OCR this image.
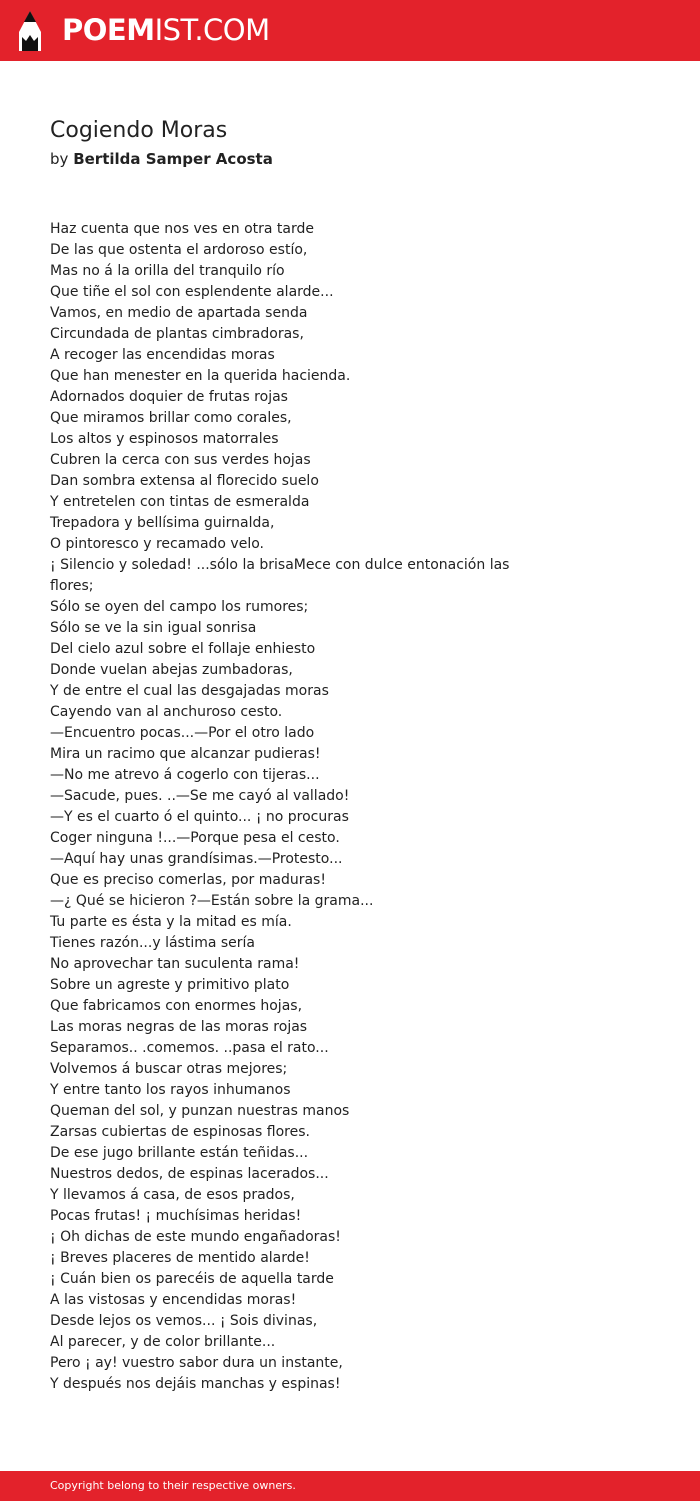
POEMIST.COM
Cogiendo Moras
by Bertilda Samper Acosta
Haz cuenta que nos ves en otra tarde
De las que ostenta el ardoroso estío,
Mas no á la orilla del tranquilo río
Que tiñe el sol con esplendente alarde...
Vamos, en medio de apartada senda
Circundada de plantas cimbradoras,
A recoger las encendidas moras
Que han menester en la querida hacienda.
Adornados doquier de frutas rojas
Que miramos brillar como corales,
Los altos y espinosos matorrales
Cubren la cerca con sus verdes hojas
Dan sombra extensa al florecido suelo
Y entretelen con tintas de esmeralda
Trepadora y bellísima guirnalda,
O pintoresco y recamado velo.
¡ Silencio y soledad! ...sólo la brisaMece con dulce entonación las flores;
Sólo se oyen del campo los rumores;
Sólo se ve la sin igual sonrisa
Del cielo azul sobre el follaje enhiesto
Donde vuelan abejas zumbadoras,
Y de entre el cual las desgajadas moras
Cayendo van al anchuroso cesto.
—Encuentro pocas...—Por el otro lado
Mira un racimo que alcanzar pudieras!
—No me atrevo á cogerlo con tijeras...
—Sacude, pues. ..—Se me cayó al vallado!
—Y es el cuarto ó el quinto... ¡ no procuras
Coger ninguna !...—Porque pesa el cesto.
—Aquí hay unas grandísimas.—Protesto...
Que es preciso comerlas, por maduras!
—¿ Qué se hicieron ?—Están sobre la grama...
Tu parte es ésta y la mitad es mía.
Tienes razón...y lástima sería
No aprovechar tan suculenta rama!
Sobre un agreste y primitivo plato
Que fabricamos con enormes hojas,
Las moras negras de las moras rojas
Separamos.. .comemos. ..pasa el rato...
Volvemos á buscar otras mejores;
Y entre tanto los rayos inhumanos
Queman del sol, y punzan nuestras manos
Zarsas cubiertas de espinosas flores.
De ese jugo brillante están teñidas...
Nuestros dedos, de espinas lacerados...
Y llevamos á casa, de esos prados,
Pocas frutas! ¡ muchísimas heridas!
¡ Oh dichas de este mundo engañadoras!
¡ Breves placeres de mentido alarde!
¡ Cuán bien os parecéis de aquella tarde
A las vistosas y encendidas moras!
Desde lejos os vemos... ¡ Sois divinas,
Al parecer, y de color brillante...
Pero ¡ ay! vuestro sabor dura un instante,
Y después nos dejáis manchas y espinas!
Copyright belong to their respective owners.
